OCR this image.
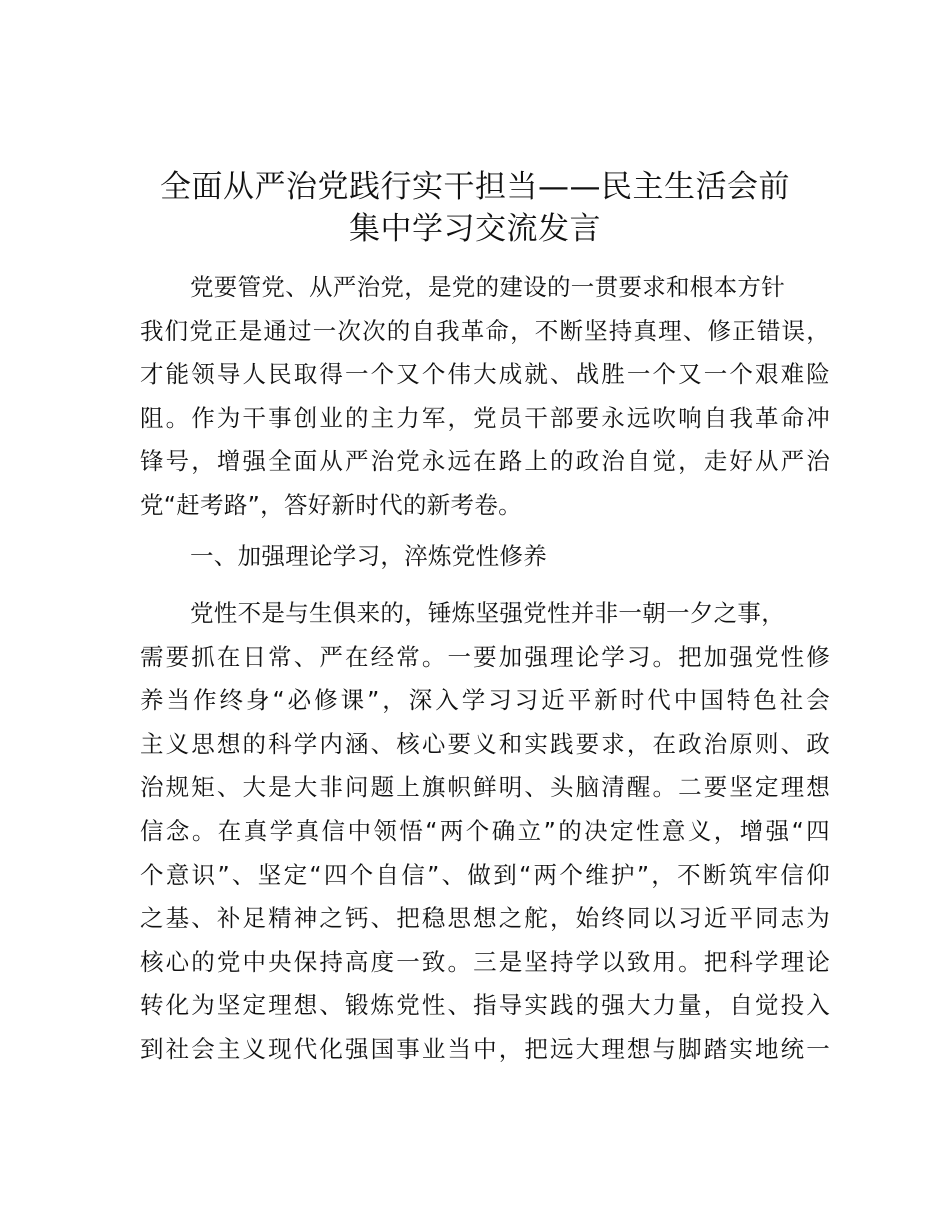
全面从严治党践行实干担当——民主生活会前
集中学习交流发言
党要管党、从严治党，是党的建设的一贯要求和根本方针
我们党正是通过一次次的自我革命，不断坚持真理、修正错误，
才能领导人民取得一个又个伟大成就、战胜一个又一个艰难险
阻。作为干事创业的主力军，党员干部要永远吹响自我革命冲
锋号，增强全面从严治党永远在路上的政治自觉，走好从严治
党“赶考路”，答好新时代的新考卷。
一、加强理论学习，淬炼党性修养
党性不是与生俱来的，锤炼坚强党性并非一朝一夕之事，
需要抓在日常、严在经常。一要加强理论学习。把加强党性修
养当作终身“必修课”，深入学习习近平新时代中国特色社会
主义思想的科学内涵、核心要义和实践要求，在政治原则、政
治规矩、大是大非问题上旗帜鲜明、头脑清醒。二要坚定理想
信念。在真学真信中领悟“两个确立”的决定性意义，增强“四
个意识”、坚定“四个自信”、做到“两个维护”，不断筑牢信仰
之基、补足精神之钙、把稳思想之舵，始终同以习近平同志为
核心的党中央保持高度一致。三是坚持学以致用。把科学理论
转化为坚定理想、锻炼党性、指导实践的强大力量，自觉投入
到社会主义现代化强国事业当中，把远大理想与脚踏实地统一
